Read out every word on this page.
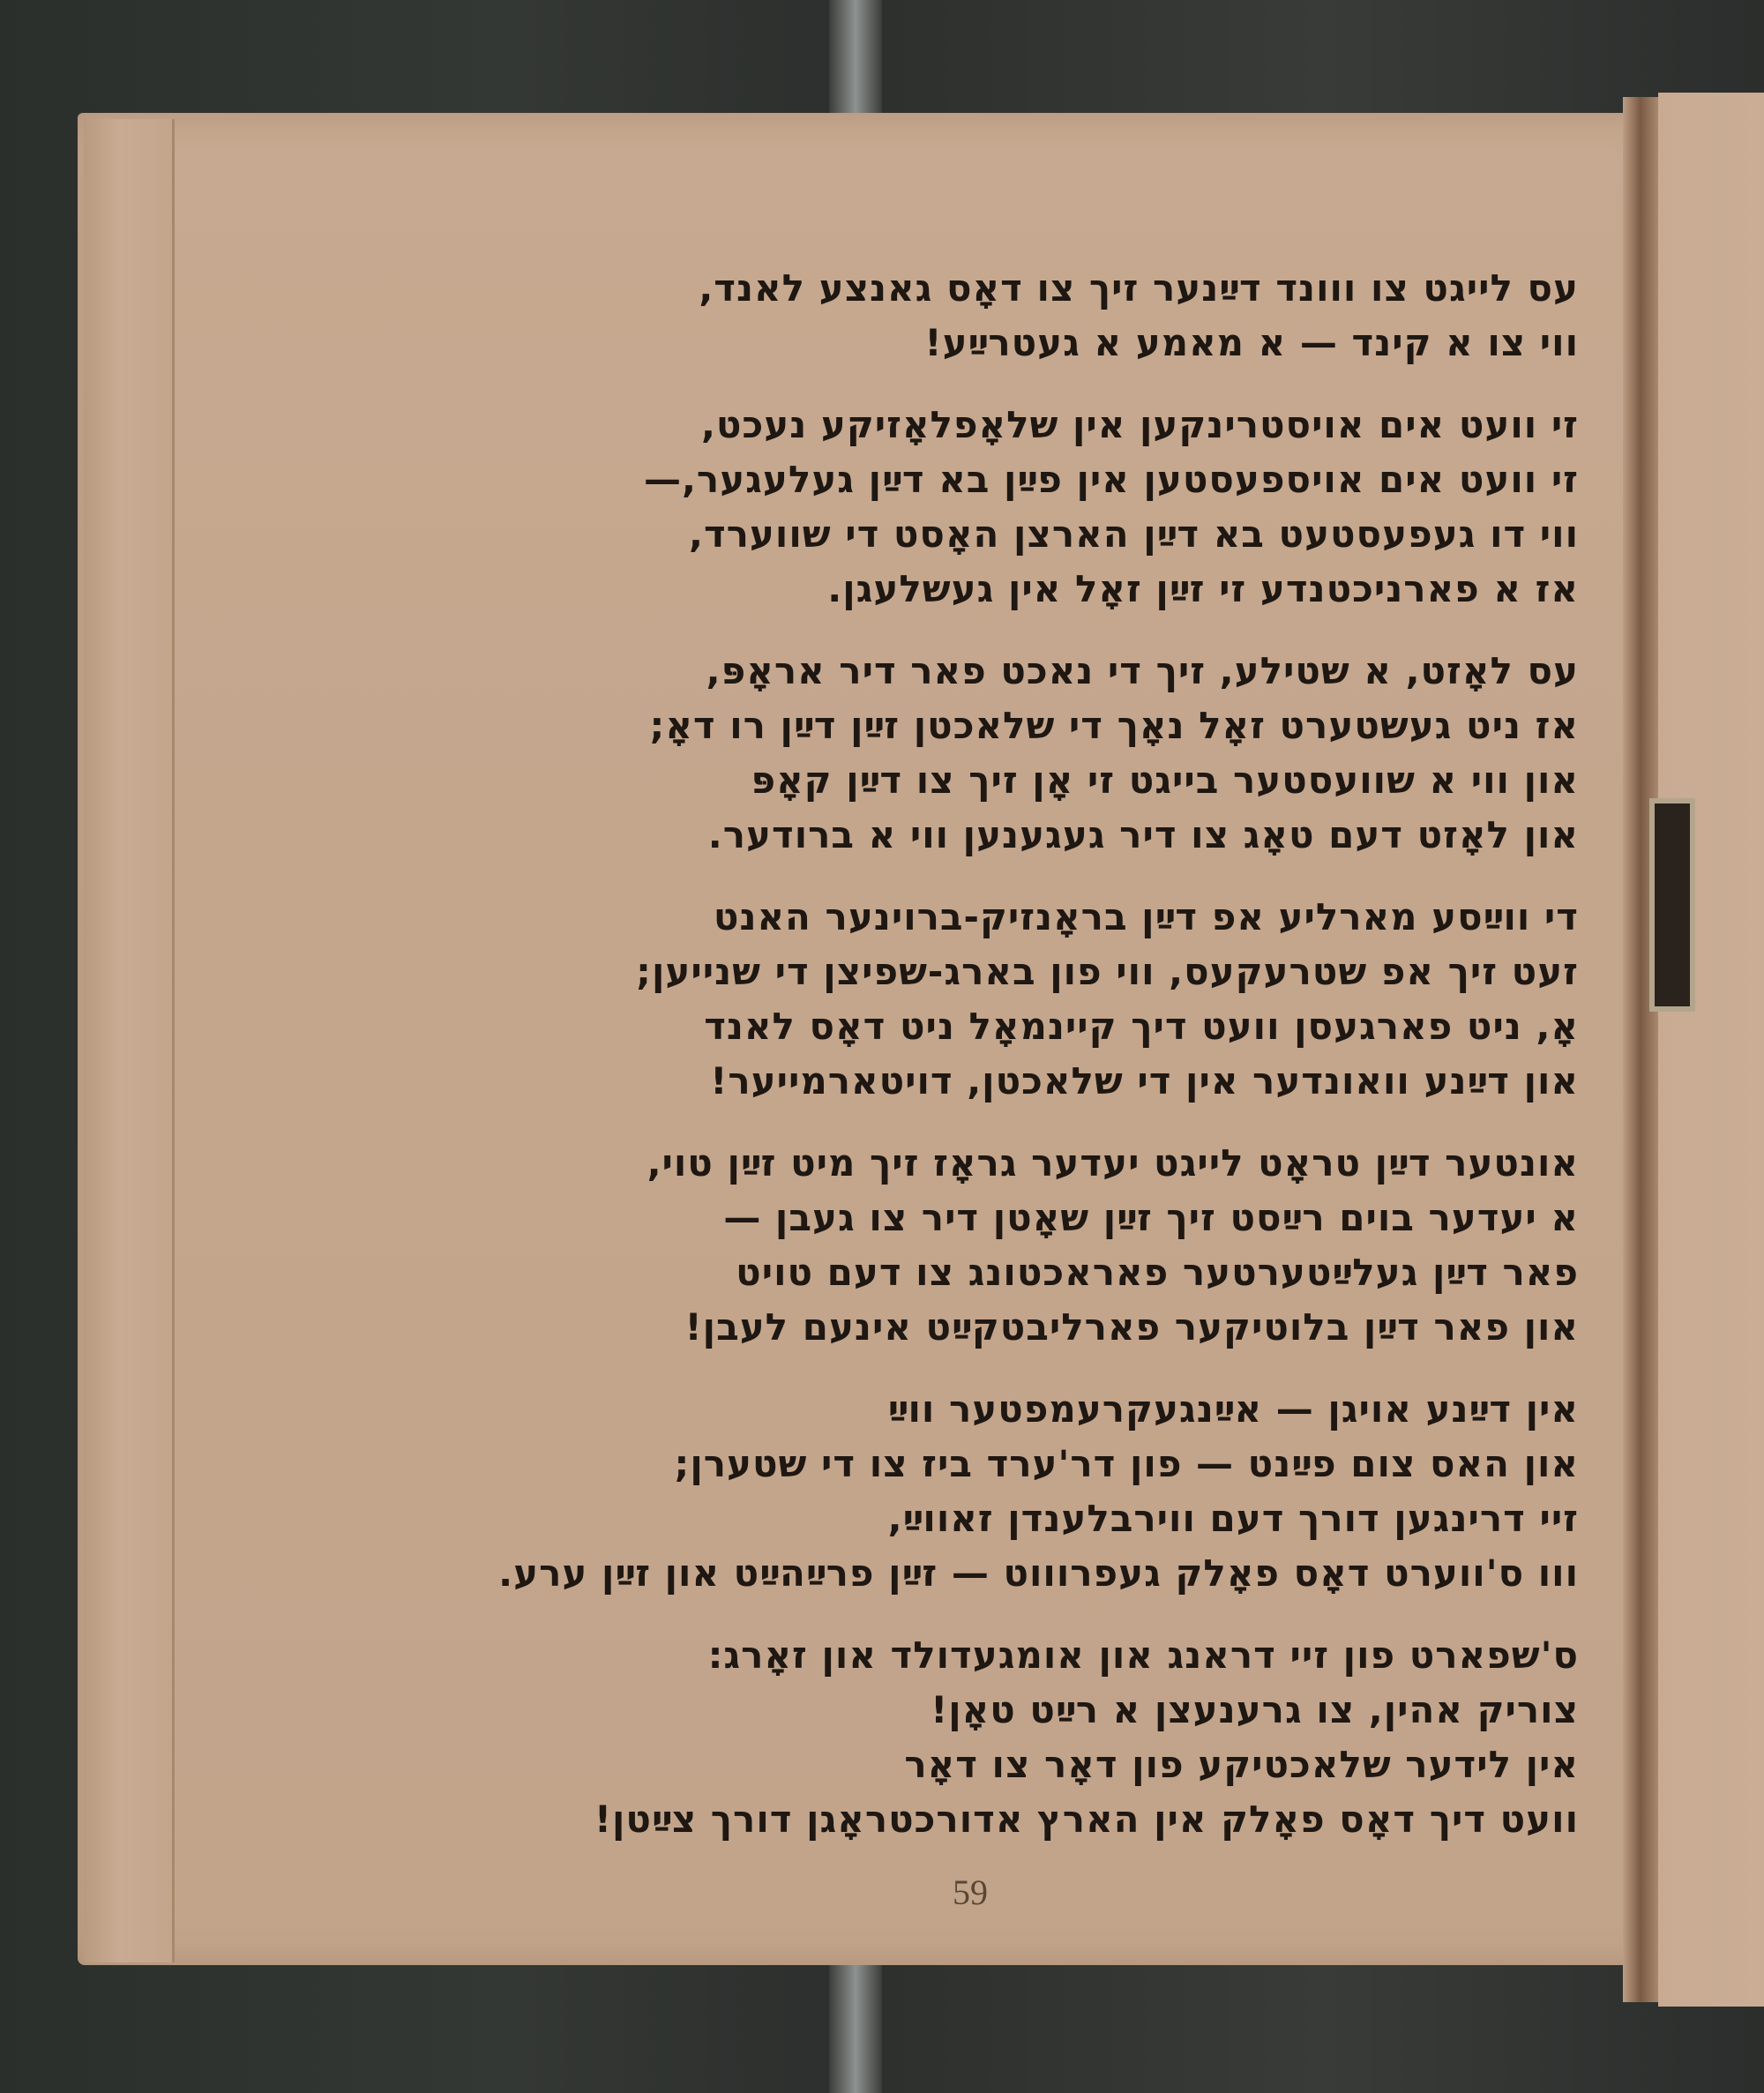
עס לייגט צו ווונד דײַנער זיך צו דאָס גאנצע לאנד,
ווי צו א קינד — א מאמע א געטרײַע!
זי וועט אים אויסטרינקען אין שלאָפלאָזיקע נעכט,
זי וועט אים אויספעסטען אין פײַן בא דײַן געלעגער,—
ווי דו געפעסטעט בא דײַן הארצן האָסט די שווערד,
אז א פארניכטנדע זי זײַן זאָל אין געשלעגן.
עס לאָזט, א שטילע, זיך די נאכט פאר דיר אראָפּ,
אז ניט געשטערט זאָל נאָך די שלאכטן זײַן דײַן רו דאָ;
און ווי א שוועסטער בייגט זי אָן זיך צו דײַן קאָפּ
און לאָזט דעם טאָג צו דיר געגענען ווי א ברודער.
די ווײַסע מארליע אפ דײַן בראָנזיק-ברוינער האנט
זעט זיך אפ שטרעקעס, ווי פון בארג-שפיצן די שנייען;
אָ, ניט פארגעסן וועט דיך קיינמאָל ניט דאָס לאנד
און דײַנע וואונדער אין די שלאכטן, דויטארמייער!
אונטער דײַן טראָט לייגט יעדער גראָז זיך מיט זײַן טוי,
א יעדער בוים רײַסט זיך זײַן שאָטן דיר צו געבן —
פאר דײַן געלײַטערטער פאראכטונג צו דעם טויט
און פאר דײַן בלוטיקער פארליבטקײַט אינעם לעבן!
אין דײַנע אויגן — אײַנגעקרעמפטער ווײַ
און האס צום פײַנט — פון דר'ערד ביז צו די שטערן;
זיי דרינגען דורך דעם ווירבלענדן זאווײַ,
ווו ס'ווערט דאָס פאָלק געפרוווט — זײַן פרײַהײַט און זײַן ערע.
ס'שפארט פון זיי דראנג און אומגעדולד און זאָרג:
צוריק אהין, צו גרענעצן א רײַט טאָן!
אין לידער שלאכטיקע פון דאָר צו דאָר
וועט דיך דאָס פאָלק אין הארץ אדורכטראָגן דורך צײַטן!
59
